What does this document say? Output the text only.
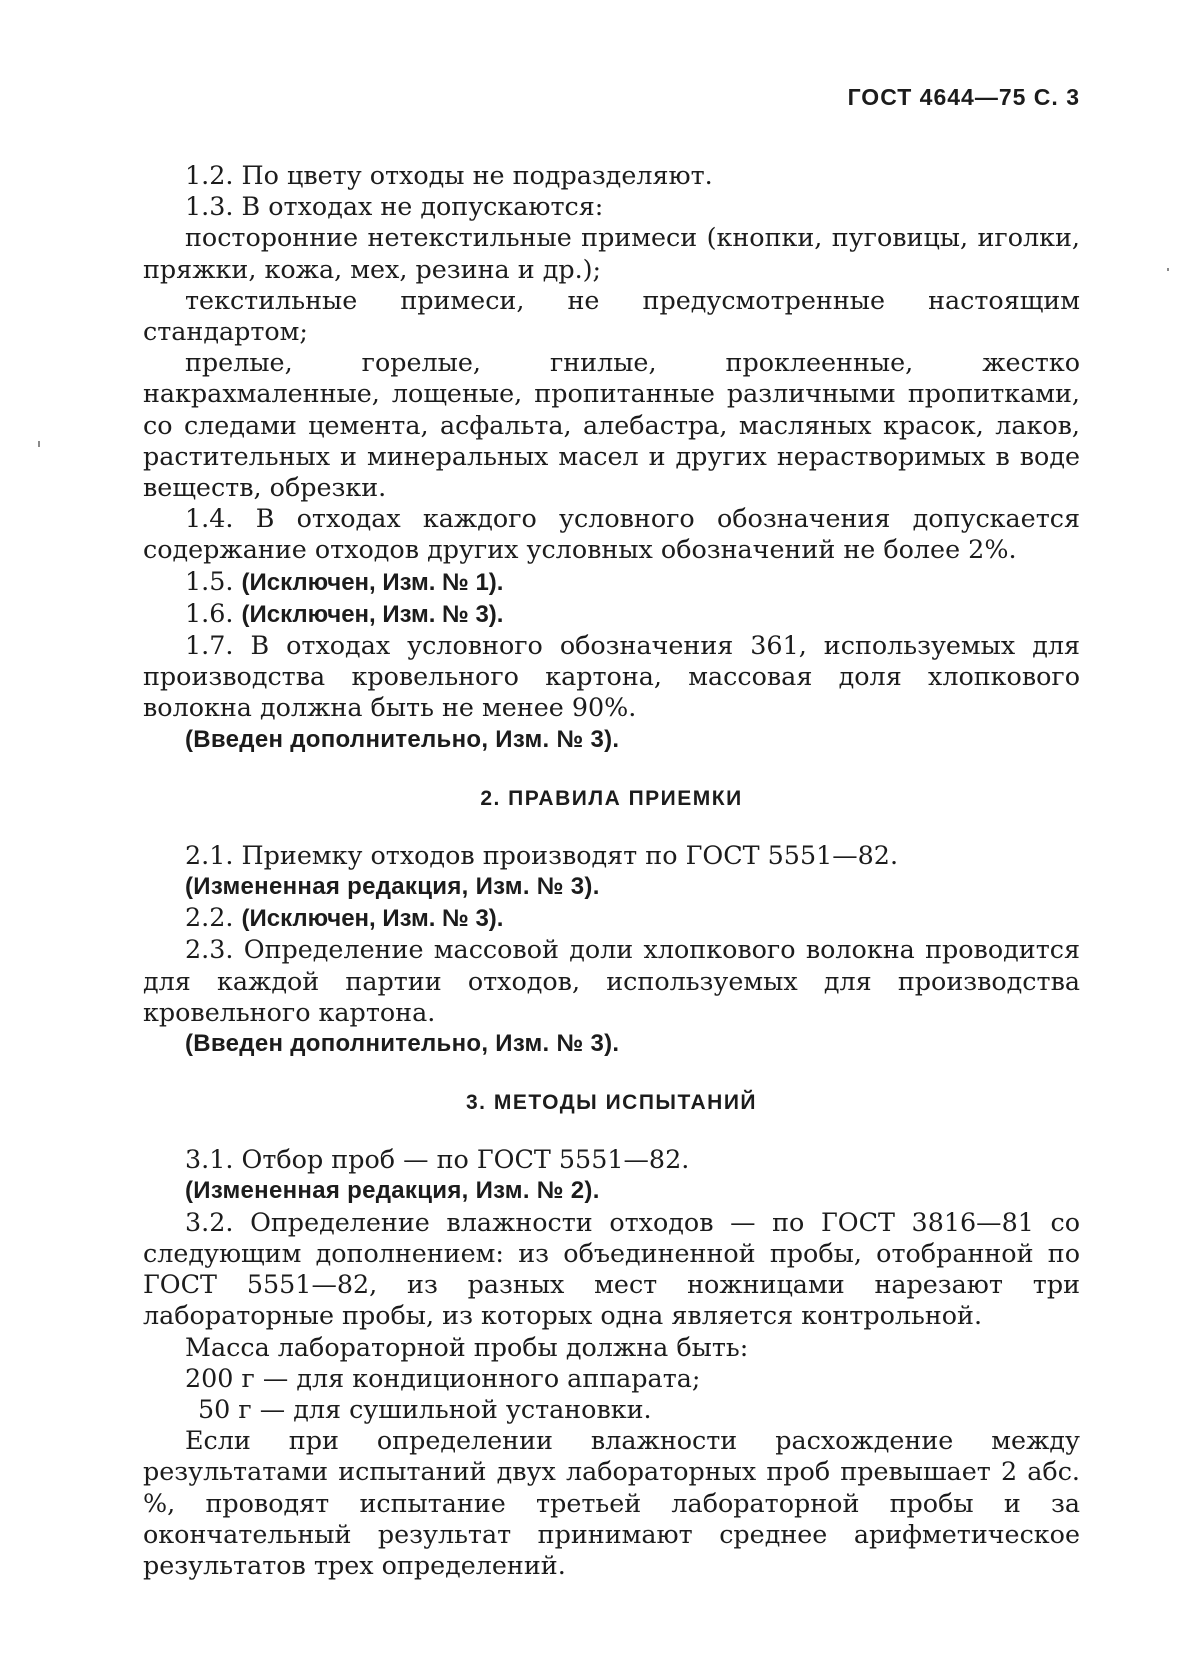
ГОСТ 4644—75 С. 3

1.2. По цвету отходы не подразделяют.

1.3. В отходах не допускаются:

посторонние нетекстильные примеси (кнопки, пуговицы, иголки, пряжки, кожа, мех, резина и др.);

текстильные примеси, не предусмотренные настоящим стандартом;

прелые, горелые, гнилые, проклеенные, жестко накрахмаленные, лощеные, пропитанные различными пропитками, со следами цемента, асфальта, алебастра, масляных красок, лаков, растительных и минеральных масел и других нерастворимых в воде веществ, обрезки.

1.4. В отходах каждого условного обозначения допускается содержание отходов других условных обозначений не более 2%.

1.5. (Исключен, Изм. № 1).

1.6. (Исключен, Изм. № 3).

1.7. В отходах условного обозначения 361, используемых для производства кровельного картона, массовая доля хлопкового волокна должна быть не менее 90%.

(Введен дополнительно, Изм. № 3).

2. ПРАВИЛА ПРИЕМКИ

2.1. Приемку отходов производят по ГОСТ 5551—82.

(Измененная редакция, Изм. № 3).

2.2. (Исключен, Изм. № 3).

2.3. Определение массовой доли хлопкового волокна проводится для каждой партии отходов, используемых для производства кровельного картона.

(Введен дополнительно, Изм. № 3).

3. МЕТОДЫ ИСПЫТАНИЙ

3.1. Отбор проб — по ГОСТ 5551—82.

(Измененная редакция, Изм. № 2).

3.2. Определение влажности отходов — по ГОСТ 3816—81 со следующим дополнением: из объединенной пробы, отобранной по ГОСТ 5551—82, из разных мест ножницами нарезают три лабораторные пробы, из которых одна является контрольной.

Масса лабораторной пробы должна быть:

200 г — для кондиционного аппарата;

50 г — для сушильной установки.

Если при определении влажности расхождение между результатами испытаний двух лабораторных проб превышает 2 абс. %, проводят испытание третьей лабораторной пробы и за окончательный результат принимают среднее арифметическое результатов трех определений.
